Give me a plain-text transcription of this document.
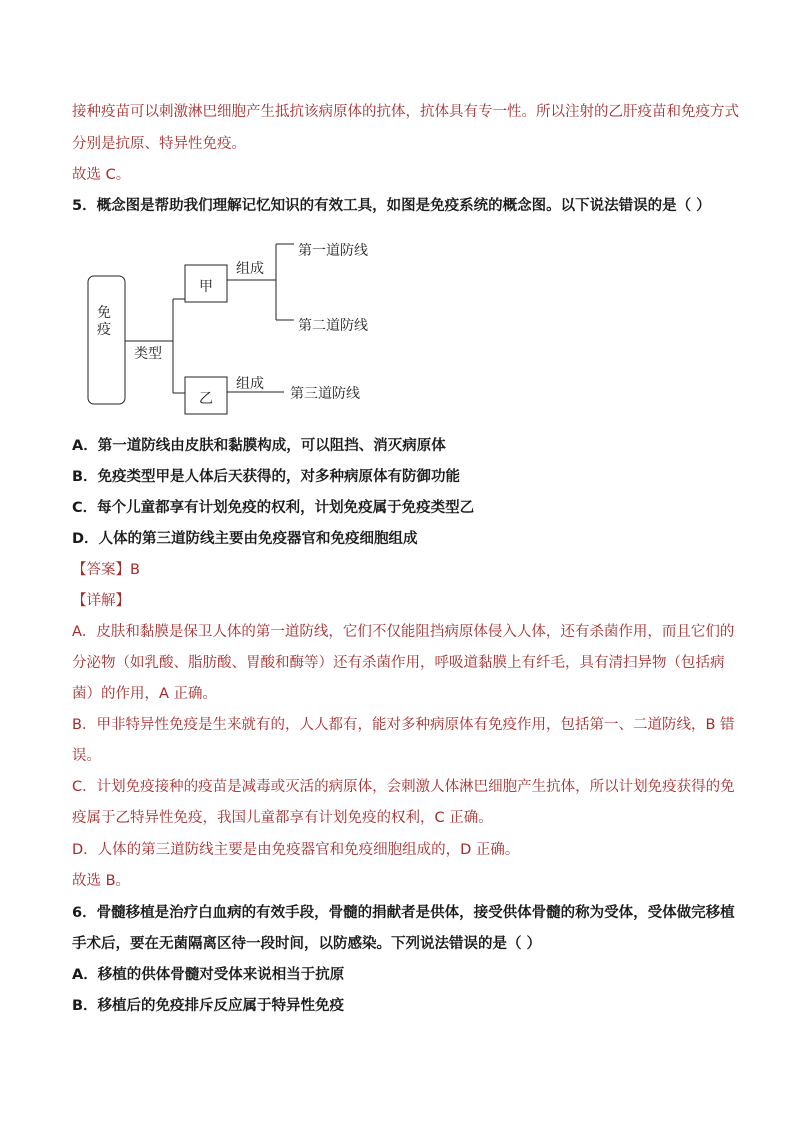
接种疫苗可以刺激淋巴细胞产生抵抗该病原体的抗体，抗体具有专一性。所以注射的乙肝疫苗和免疫方式
分别是抗原、特异性免疫。
故选 C。
5．概念图是帮助我们理解记忆知识的有效工具，如图是免疫系统的概念图。以下说法错误的是（ ）
免
疫
类型
甲
乙
组成
组成
第一道防线
第二道防线
第三道防线
A．第一道防线由皮肤和黏膜构成，可以阻挡、消灭病原体
B．免疫类型甲是人体后天获得的，对多种病原体有防御功能
C．每个儿童都享有计划免疫的权利，计划免疫属于免疫类型乙
D．人体的第三道防线主要由免疫器官和免疫细胞组成
【答案】B
【详解】
A．皮肤和黏膜是保卫人体的第一道防线，它们不仅能阻挡病原体侵入人体，还有杀菌作用，而且它们的
分泌物（如乳酸、脂肪酸、胃酸和酶等）还有杀菌作用，呼吸道黏膜上有纤毛，具有清扫异物（包括病
菌）的作用，A 正确。
B．甲非特异性免疫是生来就有的，人人都有，能对多种病原体有免疫作用，包括第一、二道防线，B 错
误。
C．计划免疫接种的疫苗是减毒或灭活的病原体，会刺激人体淋巴细胞产生抗体，所以计划免疫获得的免
疫属于乙特异性免疫，我国儿童都享有计划免疫的权利，C 正确。
D．人体的第三道防线主要是由免疫器官和免疫细胞组成的，D 正确。
故选 B。
6．骨髓移植是治疗白血病的有效手段，骨髓的捐献者是供体，接受供体骨髓的称为受体，受体做完移植
手术后，要在无菌隔离区待一段时间，以防感染。下列说法错误的是（ ）
A．移植的供体骨髓对受体来说相当于抗原
B．移植后的免疫排斥反应属于特异性免疫
